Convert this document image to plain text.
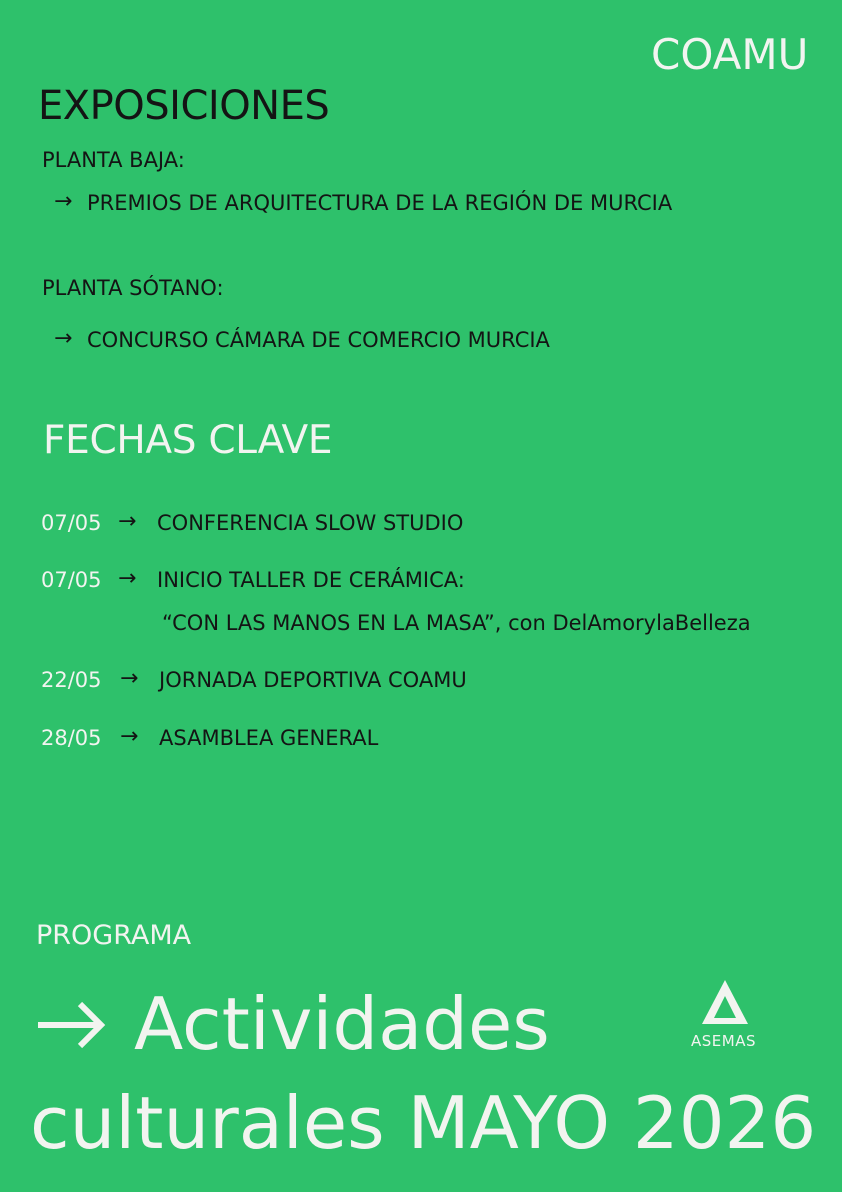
COAMU
EXPOSICIONES
PLANTA BAJA:
→ PREMIOS DE ARQUITECTURA DE LA REGIÓN DE MURCIA
PLANTA SÓTANO:
→ CONCURSO CÁMARA DE COMERCIO MURCIA
FECHAS CLAVE
07/05 → CONFERENCIA SLOW STUDIO
07/05 → INICIO TALLER DE CERÁMICA:
“CON LAS MANOS EN LA MASA”, con DelAmorylaBelleza
22/05 → JORNADA DEPORTIVA COAMU
28/05 → ASAMBLEA GENERAL
PROGRAMA
Actividades
culturales MAYO 2026
ASEMAS
